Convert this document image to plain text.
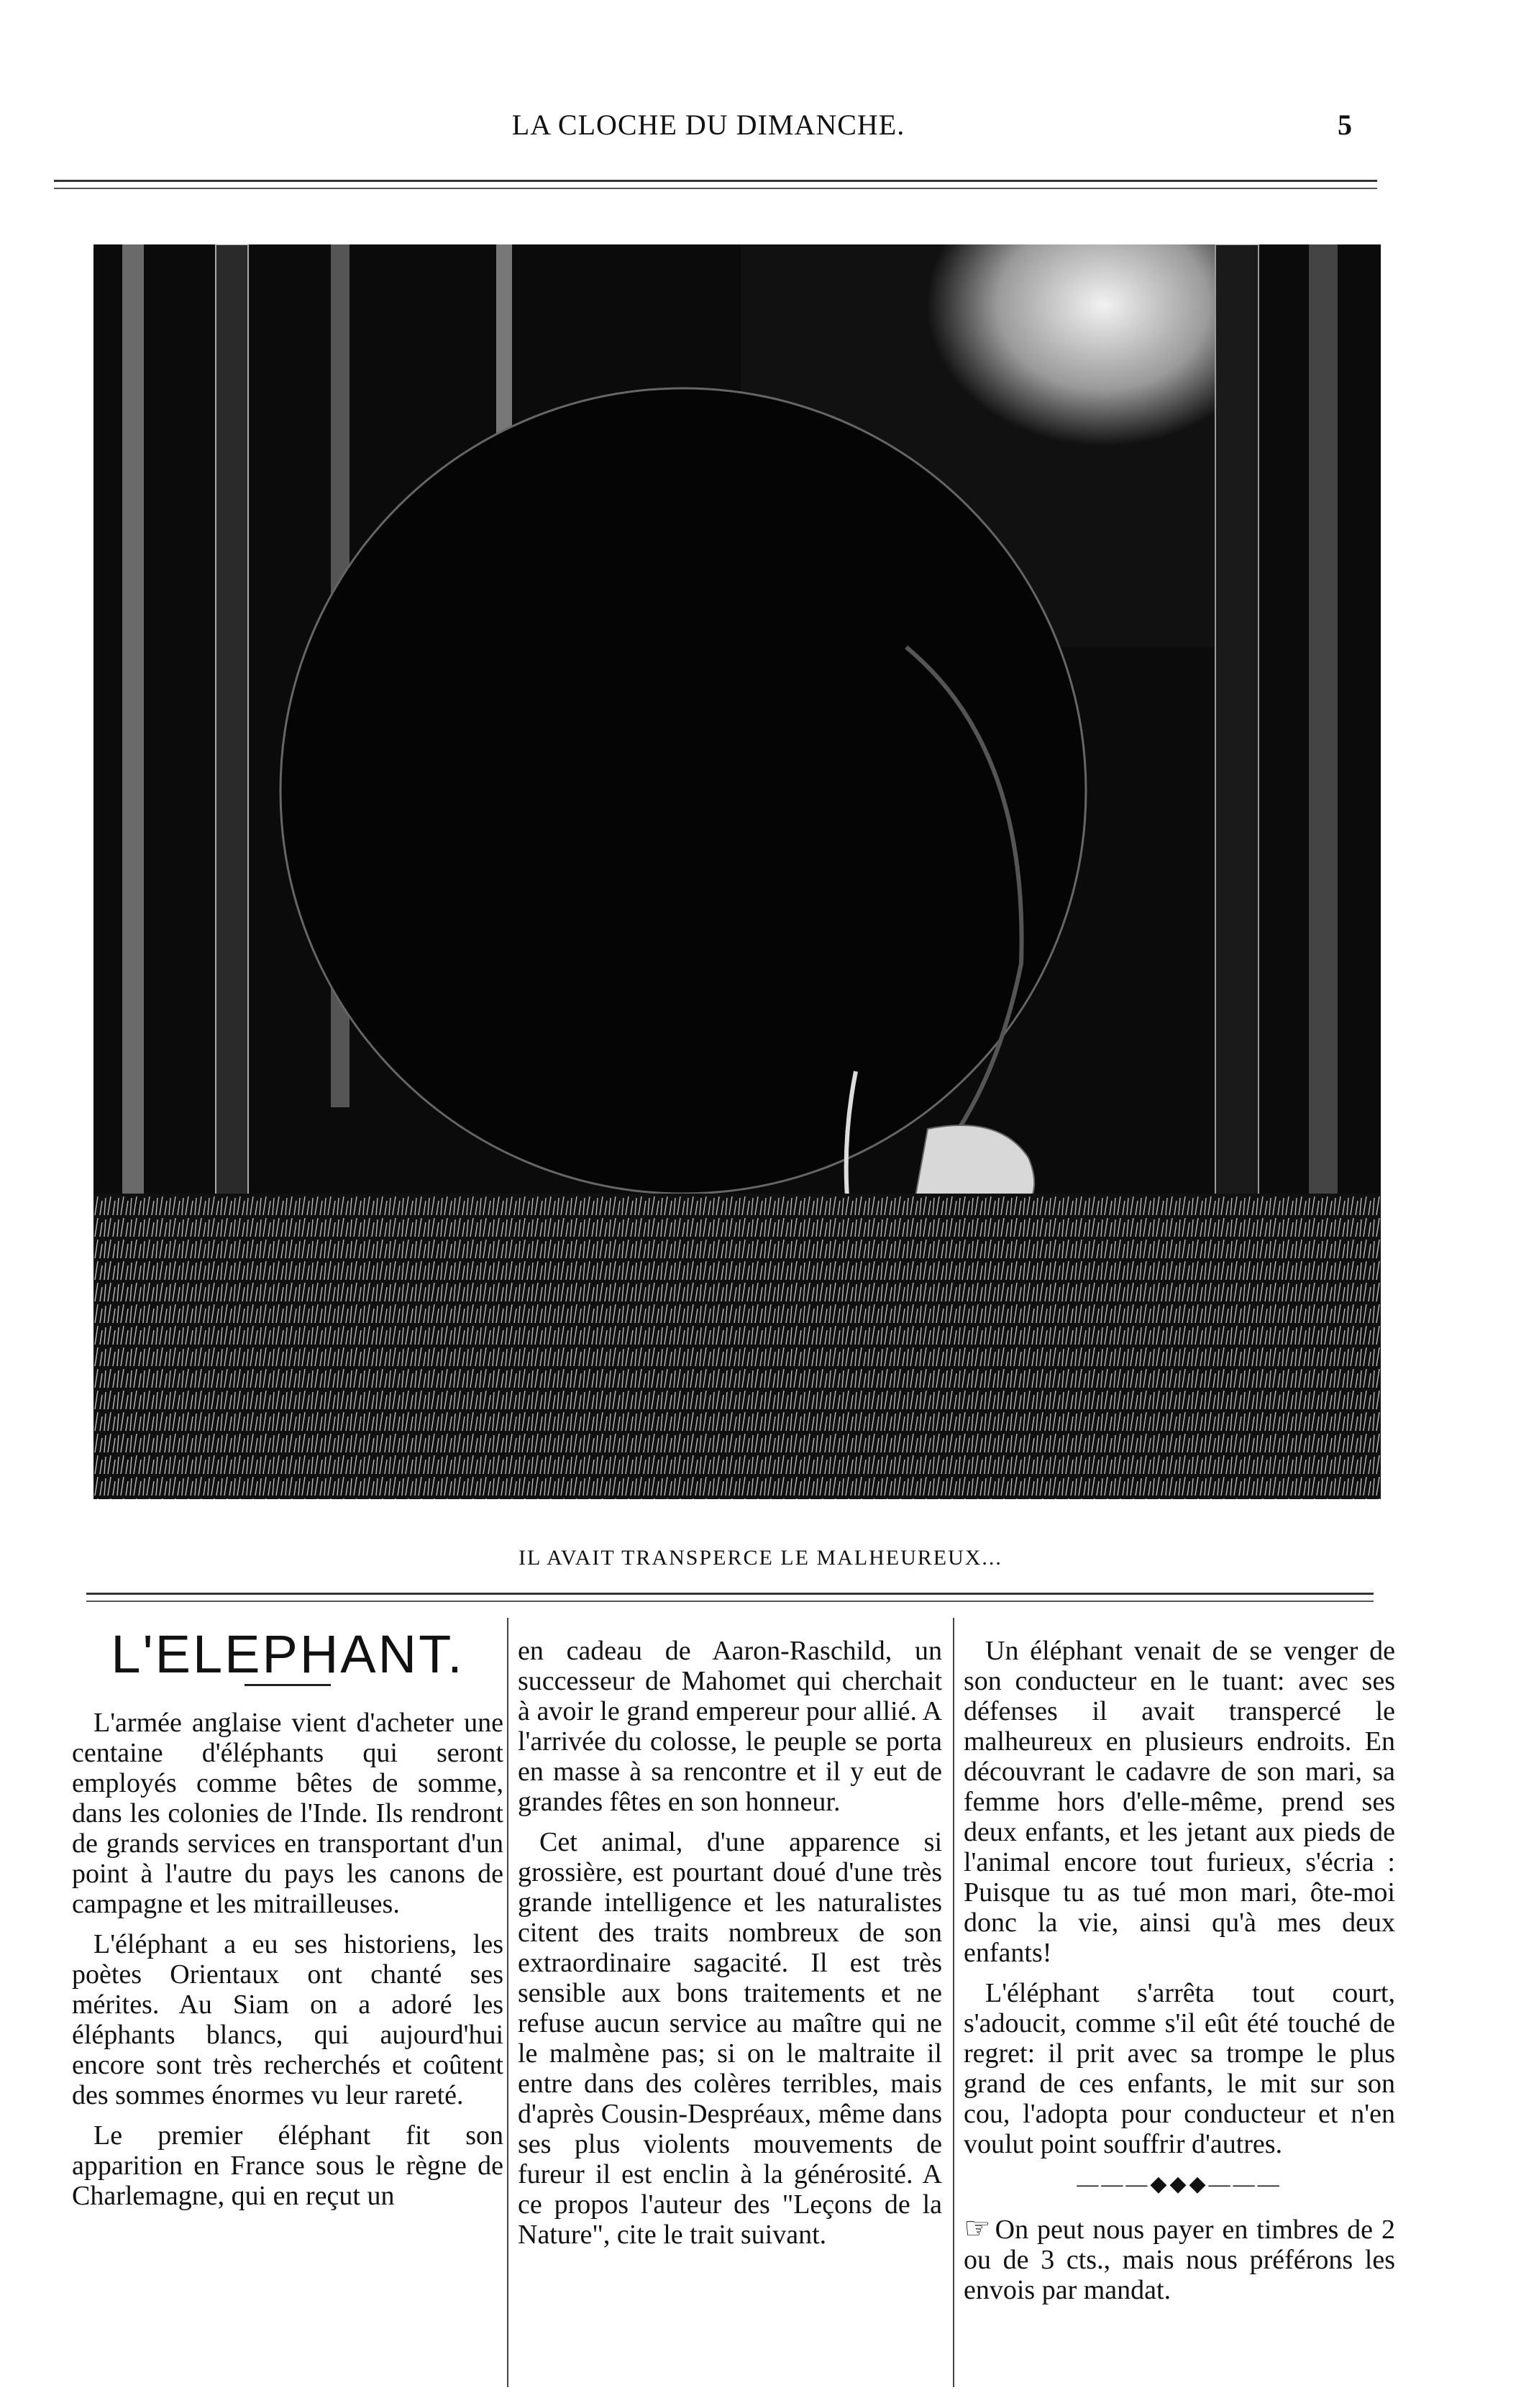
LA CLOCHE DU DIMANCHE.	5
IL AVAIT TRANSPERCE LE MALHEUREUX...
L'ELEPHANT.

L'armée anglaise vient d'acheter une centaine d'éléphants qui seront employés comme bêtes de somme, dans les colonies de l'Inde. Ils rendront de grands services en transportant d'un point à l'autre du pays les canons de campagne et les mitrailleuses.

L'éléphant a eu ses historiens, les poètes Orientaux ont chanté ses mérites. Au Siam on a adoré les éléphants blancs, qui aujourd'hui encore sont très recherchés et coûtent des sommes énormes vu leur rareté.

Le premier éléphant fit son apparition en France sous le règne de Charlemagne, qui en reçut un

en cadeau de Aaron-Raschild, un successeur de Mahomet qui cherchait à avoir le grand empereur pour allié. A l'arrivée du colosse, le peuple se porta en masse à sa rencontre et il y eut de grandes fêtes en son honneur.

Cet animal, d'une apparence si grossière, est pourtant doué d'une très grande intelligence et les naturalistes citent des traits nombreux de son extraordinaire sagacité. Il est très sensible aux bons traitements et ne refuse aucun service au maître qui ne le malmène pas; si on le maltraite il entre dans des colères terribles, mais d'après Cousin-Despréaux, même dans ses plus violents mouvements de fureur il est enclin à la générosité. A ce propos l'auteur des "Leçons de la Nature", cite le trait suivant.

Un éléphant venait de se venger de son conducteur en le tuant: avec ses défenses il avait transpercé le malheureux en plusieurs endroits. En découvrant le cadavre de son mari, sa femme hors d'elle-même, prend ses deux enfants, et les jetant aux pieds de l'animal encore tout furieux, s'écria : Puisque tu as tué mon mari, ôte-moi donc la vie, ainsi qu'à mes deux enfants!

L'éléphant s'arrêta tout court, s'adoucit, comme s'il eût été touché de regret: il prit avec sa trompe le plus grand de ces enfants, le mit sur son cou, l'adopta pour conducteur et n'en voulut point souffrir d'autres.

———◆◆◆———

☞ On peut nous payer en timbres de 2 ou de 3 cts., mais nous préférons les envois par mandat.
